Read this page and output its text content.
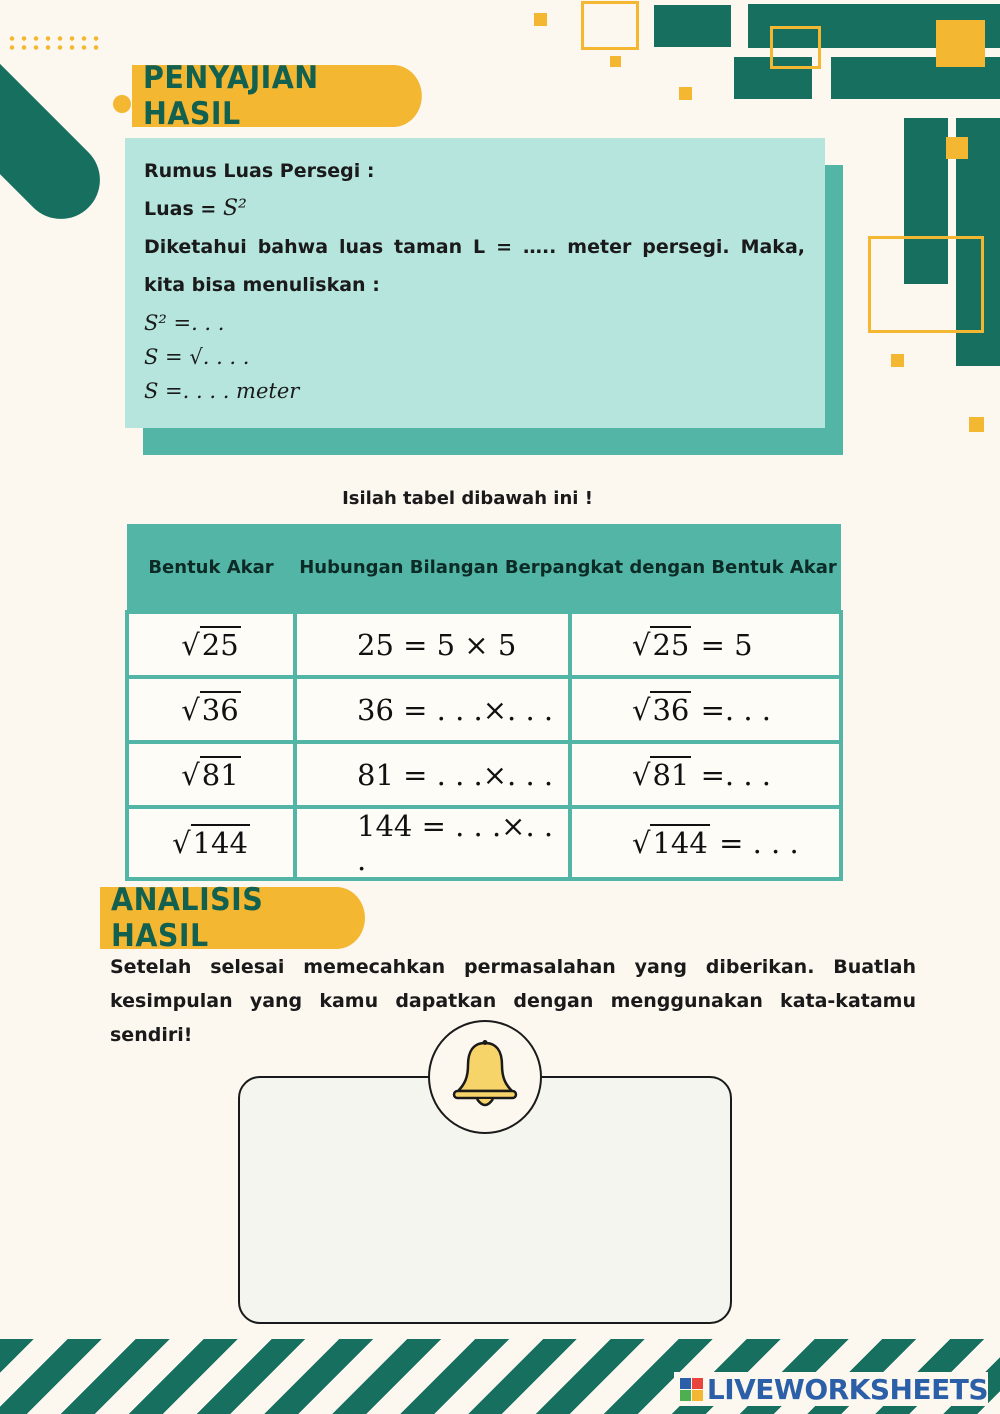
PENYAJIAN HASIL

Rumus Luas Persegi :

Luas = S²

Diketahui bahwa luas taman L = ….. meter persegi. Maka, kita bisa menuliskan :

S² =. . .
S = √. . . .
S =. . . . meter
Isilah tabel dibawah ini !
Bentuk Akar	Hubungan Bilangan Berpangkat dengan Bentuk Akar	
√25	25 = 5 × 5	√25 = 5
√36	36 = . . .×. . .	√36 =. . .
√81	81 = . . .×. . .	√81 =. . .
√144	144 = . . .×. . .	√144 = . . .
ANALISIS HASIL
Setelah selesai memecahkan permasalahan yang diberikan. Buatlah kesimpulan yang kamu dapatkan dengan menggunakan kata-katamu sendiri!
LIVEWORKSHEETS
